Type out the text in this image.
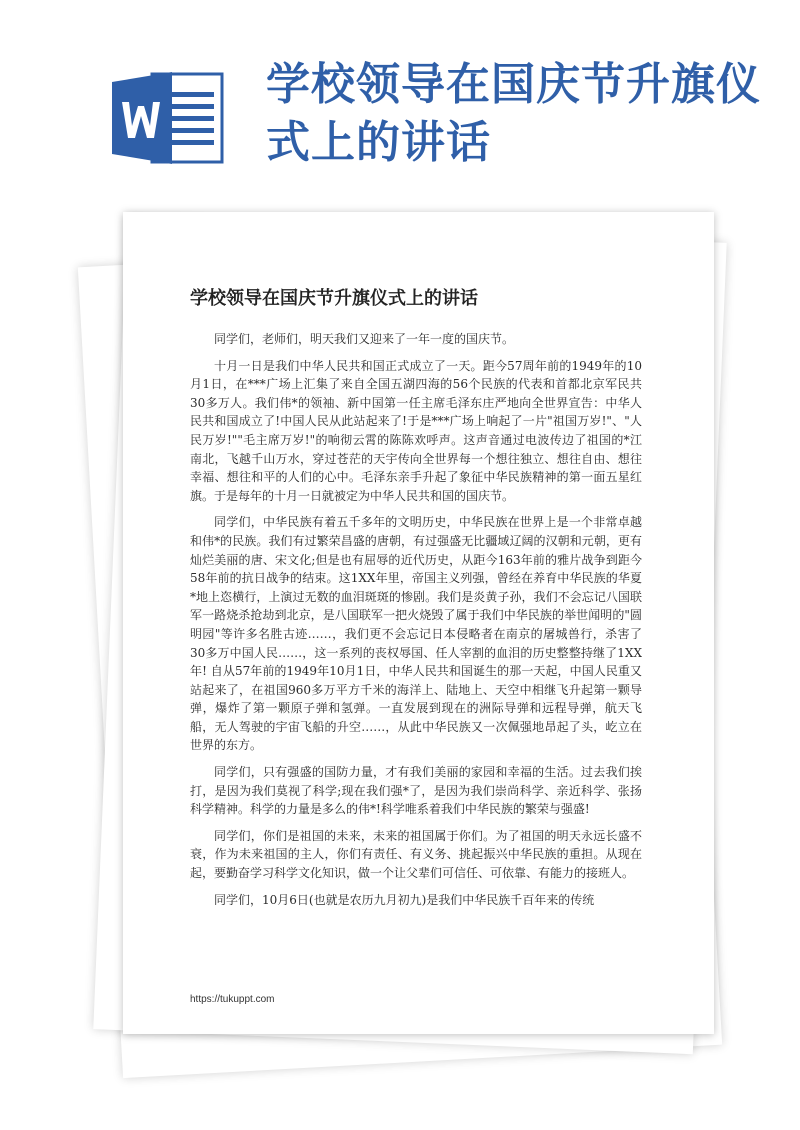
学校领导在国庆节升旗仪式上的讲话
学校领导在国庆节升旗仪式上的讲话

同学们，老师们，明天我们又迎来了一年一度的国庆节。

十月一日是我们中华人民共和国正式成立了一天。距今57周年前的1949年的10月1日，在***广场上汇集了来自全国五湖四海的56个民族的代表和首都北京军民共30多万人。我们伟*的领袖、新中国第一任主席毛泽东庄严地向全世界宣告：中华人民共和国成立了!中国人民从此站起来了!于是***广场上响起了一片"祖国万岁!"、"人民万岁!""毛主席万岁!"的响彻云霄的陈陈欢呼声。这声音通过电波传边了祖国的*江南北，飞越千山万水，穿过苍茫的天宇传向全世界每一个想往独立、想往自由、想往幸福、想往和平的人们的心中。毛泽东亲手升起了象征中华民族精神的第一面五星红旗。于是每年的十月一日就被定为中华人民共和国的国庆节。

同学们，中华民族有着五千多年的文明历史，中华民族在世界上是一个非常卓越和伟*的民族。我们有过繁荣昌盛的唐朝，有过强盛无比疆域辽阔的汉朝和元朝，更有灿烂美丽的唐、宋文化;但是也有屈辱的近代历史，从距今163年前的雅片战争到距今58年前的抗日战争的结束。这1XX年里，帝国主义列强，曾经在养育中华民族的华夏*地上恣横行，上演过无数的血泪斑斑的惨剧。我们是炎黄子孙，我们不会忘记八国联军一路烧杀抢劫到北京，是八国联军一把火烧毁了属于我们中华民族的举世闻明的"圆明园"等许多名胜古迹……，我们更不会忘记日本侵略者在南京的屠城兽行，杀害了30多万中国人民……，这一系列的丧权辱国、任人宰割的血泪的历史整整持继了1XX年! 自从57年前的1949年10月1日，中华人民共和国诞生的那一天起，中国人民重又站起来了，在祖国960多万平方千米的海洋上、陆地上、天空中相继飞升起第一颗导弹，爆炸了第一颗原子弹和氢弹。一直发展到现在的洲际导弹和远程导弹，航天飞船，无人驾驶的宇宙飞船的升空……，从此中华民族又一次佩强地昂起了头，屹立在世界的东方。

同学们，只有强盛的国防力量，才有我们美丽的家园和幸福的生活。过去我们挨打，是因为我们莫视了科学;现在我们强*了，是因为我们崇尚科学、亲近科学、张扬科学精神。科学的力量是多么的伟*!科学唯系着我们中华民族的繁荣与强盛!

同学们，你们是祖国的未来，未来的祖国属于你们。为了祖国的明天永远长盛不衰，作为未来祖国的主人，你们有责任、有义务、挑起振兴中华民族的重担。从现在起，要勤奋学习科学文化知识，做一个让父辈们可信任、可依靠、有能力的接班人。

同学们，10月6日(也就是农历九月初九)是我们中华民族千百年来的传统

https://tukuppt.com
